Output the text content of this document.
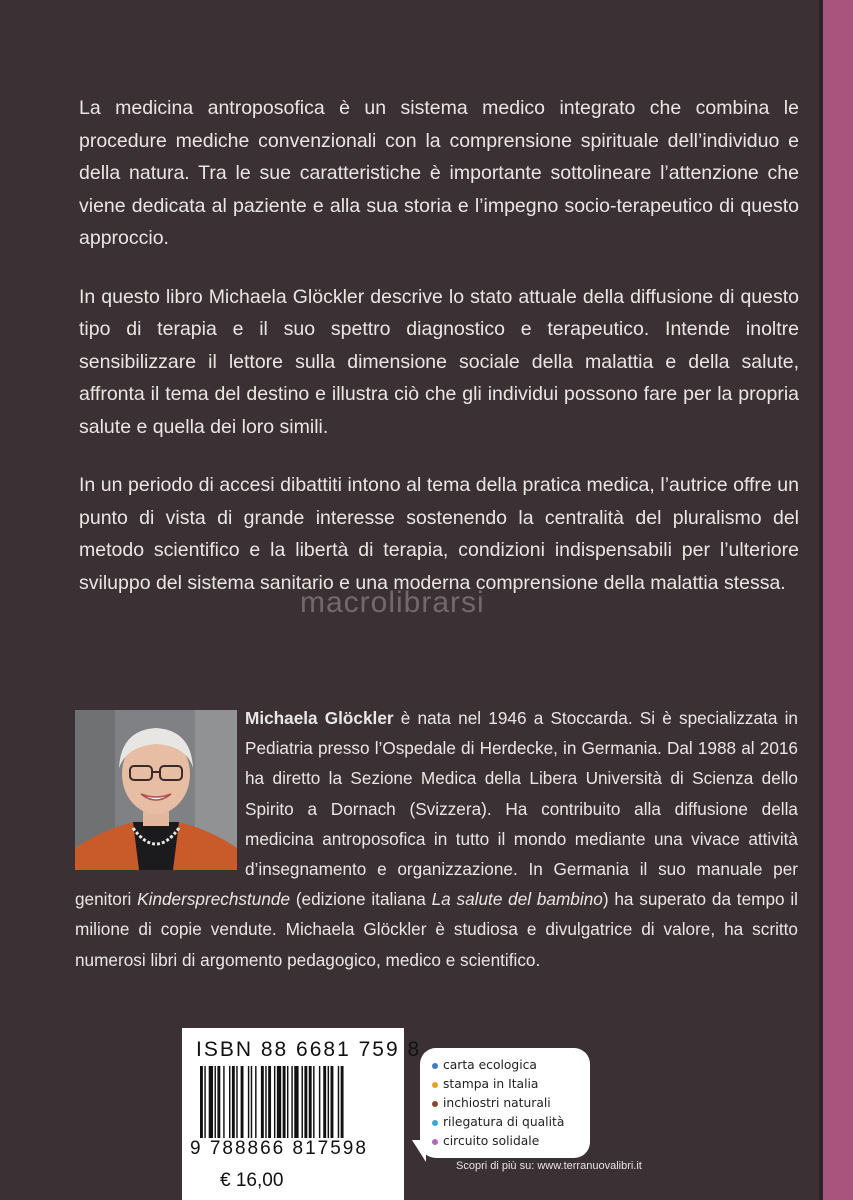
La medicina antroposofica è un sistema medico integrato che combina le procedure mediche convenzionali con la comprensione spirituale dell’individuo e della natura. Tra le sue caratteristiche è importante sottolineare l’attenzione che viene dedicata al paziente e alla sua storia e l’impegno socio-terapeutico di questo approccio.

In questo libro Michaela Glöckler descrive lo stato attuale della diffusione di questo tipo di terapia e il suo spettro diagnostico e terapeutico. Intende inoltre sensibilizzare il lettore sulla dimensione sociale della malattia e della salute, affronta il tema del destino e illustra ciò che gli individui possono fare per la propria salute e quella dei loro simili.

In un periodo di accesi dibattiti intono al tema della pratica medica, l’autrice offre un punto di vista di grande interesse sostenendo la centralità del pluralismo del metodo scientifico e la libertà di terapia, condizioni indispensabili per l’ulteriore sviluppo del sistema sanitario e una moderna comprensione della malattia stessa.

macrolibrarsi
Michaela Glöckler è nata nel 1946 a Stoccarda. Si è specializzata in Pediatria presso l’Ospedale di Herdecke, in Germania. Dal 1988 al 2016 ha diretto la Sezione Medica della Libera Università di Scienza dello Spirito a Dornach (Svizzera). Ha contribuito alla diffusione della medicina antroposofica in tutto il mondo mediante una vivace attività d’insegnamento e organizzazione. In Germania il suo manuale per genitori Kindersprechstunde (edizione italiana La salute del bambino) ha superato da tempo il milione di copie vendute. Michaela Glöckler è studiosa e divulgatrice di valore, ha scritto numerosi libri di argomento pedagogico, medico e scientifico.
ISBN 88 6681 759 8
9 788866 817598
€ 16,00
carta ecologica
stampa in Italia
inchiostri naturali
rilegatura di qualità
circuito solidale
Scopri di più su: www.terranuovalibri.it
